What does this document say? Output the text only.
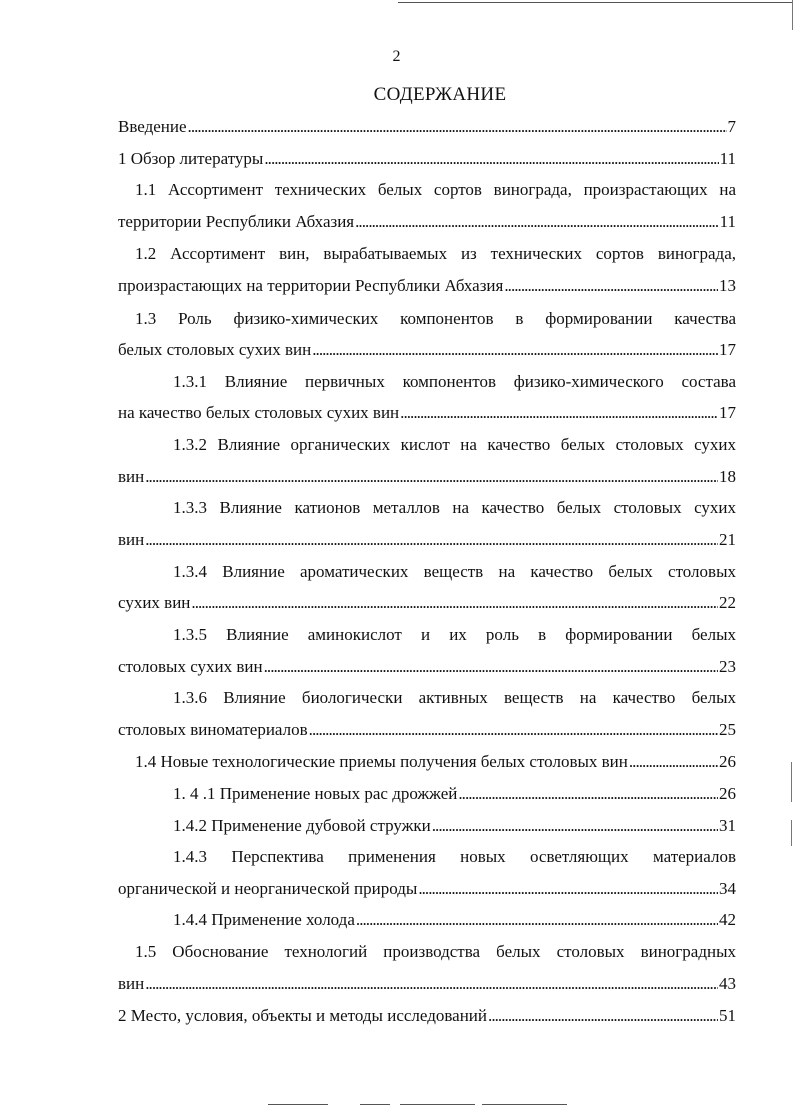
2
СОДЕРЖАНИЕ
Введение . . .	7
1 Обзор литературы . . .	11
1.1 Ассортимент технических белых сортов винограда, произрастающих на
территории Республики Абхазия . . .	11
1.2 Ассортимент вин, вырабатываемых из технических сортов винограда,
произрастающих на территории Республики Абхазия . . .	13
1.3 Роль физико-химических компонентов в формировании качества
белых столовых сухих вин . . .	17
1.3.1 Влияние первичных компонентов физико-химического состава
на качество белых столовых сухих вин . . .	17
1.3.2 Влияние органических кислот на качество белых столовых сухих
вин . . .	18
1.3.3 Влияние катионов металлов на качество белых столовых сухих
вин . . .	21
1.3.4 Влияние ароматических веществ на качество белых столовых
сухих вин . . .	22
1.3.5 Влияние аминокислот и их роль в формировании белых
столовых сухих вин . . .	23
1.3.6 Влияние биологически активных веществ на качество белых
столовых виноматериалов . . .	25
1.4 Новые технологические приемы получения белых столовых вин . . .	26
1. 4 .1 Применение новых рас дрожжей . . .	26
1.4.2 Применение дубовой стружки . . .	31
1.4.3 Перспектива применения новых осветляющих материалов
органической и неорганической природы . . .	34
1.4.4 Применение холода . . .	42
1.5 Обоснование технологий производства белых столовых виноградных
вин . . .	43
2 Место, условия, объекты и методы исследований . . .	51
